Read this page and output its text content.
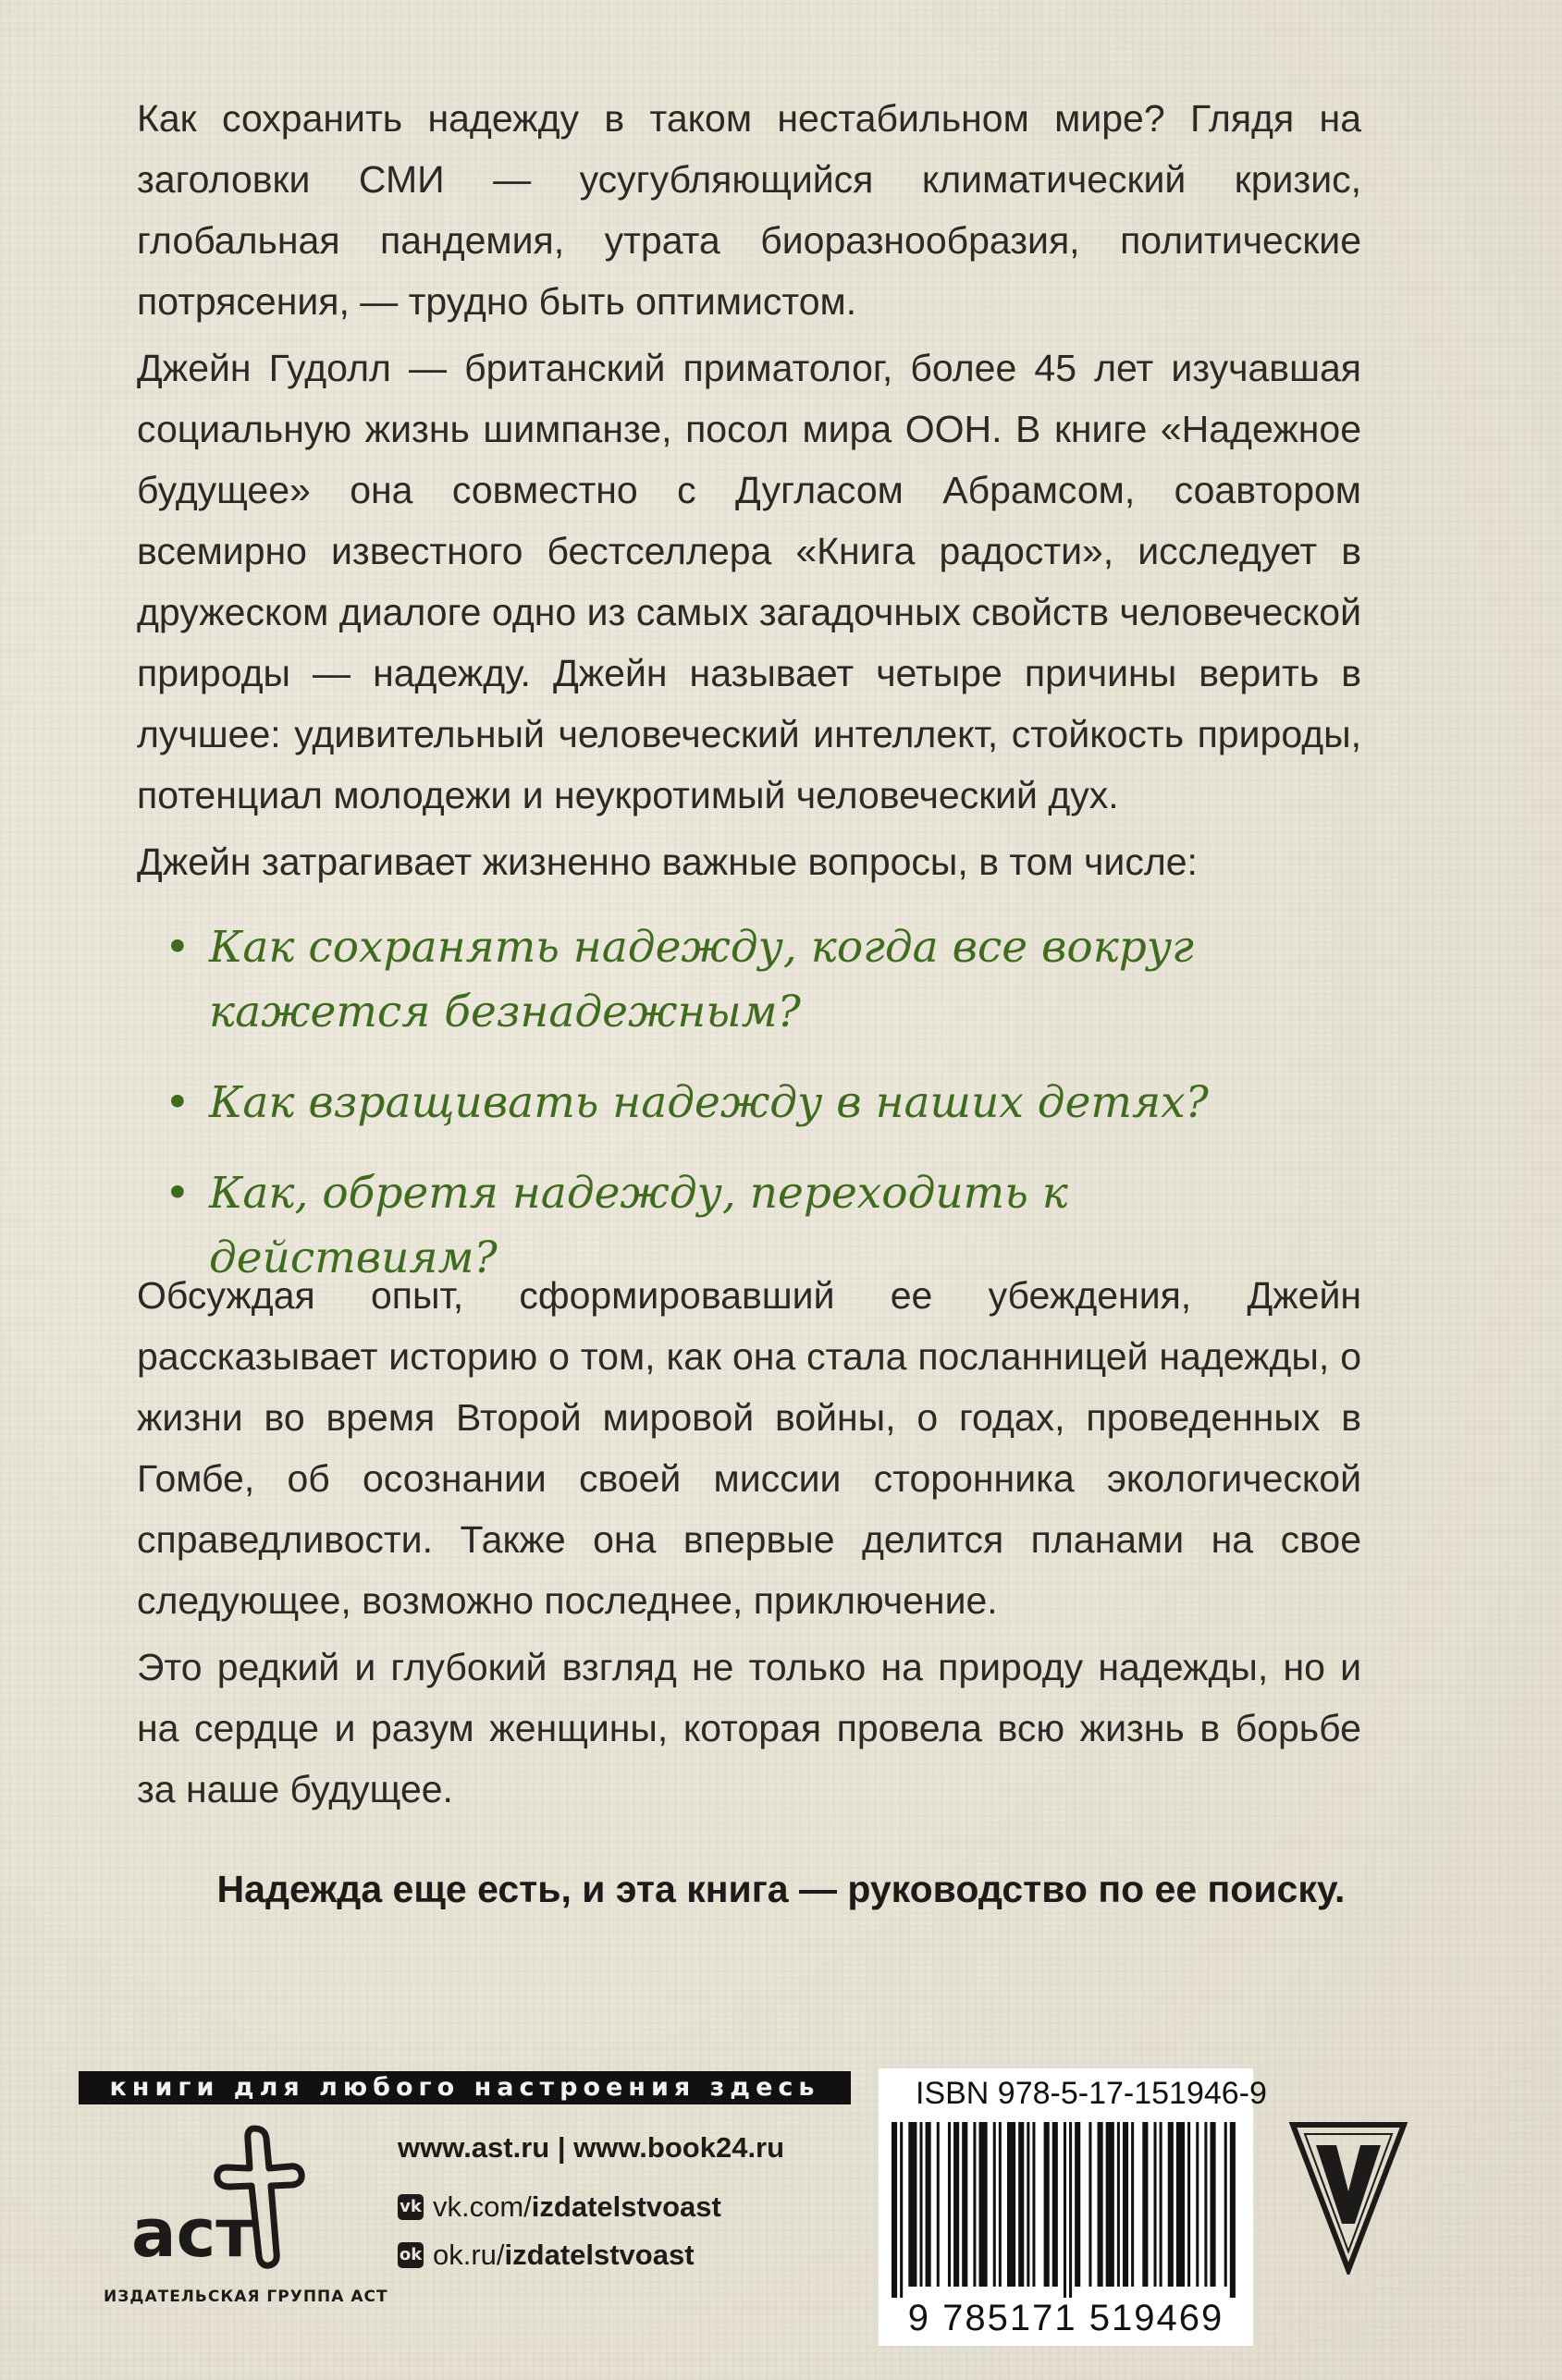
Как сохранить надежду в таком нестабильном мире? Глядя на заголовки СМИ — усугубляющийся климатический кризис, глобальная пандемия, утрата биоразнообразия, политические потрясения, — трудно быть оптимистом.

Джейн Гудолл — британский приматолог, более 45 лет изучавшая социальную жизнь шимпанзе, посол мира ООН. В книге «Надежное будущее» она совместно с Дугласом Абрамсом, соавтором всемирно известного бестселлера «Книга радости», исследует в дружеском диалоге одно из самых загадочных свойств человеческой природы — надежду. Джейн называет четыре причины верить в лучшее: удивительный человеческий интеллект, стойкость природы, потенциал молодежи и неукротимый человеческий дух.

Джейн затрагивает жизненно важные вопросы, в том числе:

• Как сохранять надежду, когда все вокруг кажется безнадежным?
• Как взращивать надежду в наших детях?
• Как, обретя надежду, переходить к действиям?

Обсуждая опыт, сформировавший ее убеждения, Джейн рассказывает историю о том, как она стала посланницей надежды, о жизни во время Второй мировой войны, о годах, проведенных в Гомбе, об осознании своей миссии сторонника экологической справедливости. Также она впервые делится планами на свое следующее, возможно последнее, приключение.

Это редкий и глубокий взгляд не только на природу надежды, но и на сердце и разум женщины, которая провела всю жизнь в борьбе за наше будущее.

Надежда еще есть, и эта книга — руководство по ее поиску.
книги для любого настроения здесь
аст
ИЗДАТЕЛЬСКАЯ ГРУППА АСТ
www.ast.ru | www.book24.ru
vk vk.com/ izdatelstvoast
ok ok.ru/ izdatelstvoast
ISBN 978-5-17-151946-9
9 785171 519469
